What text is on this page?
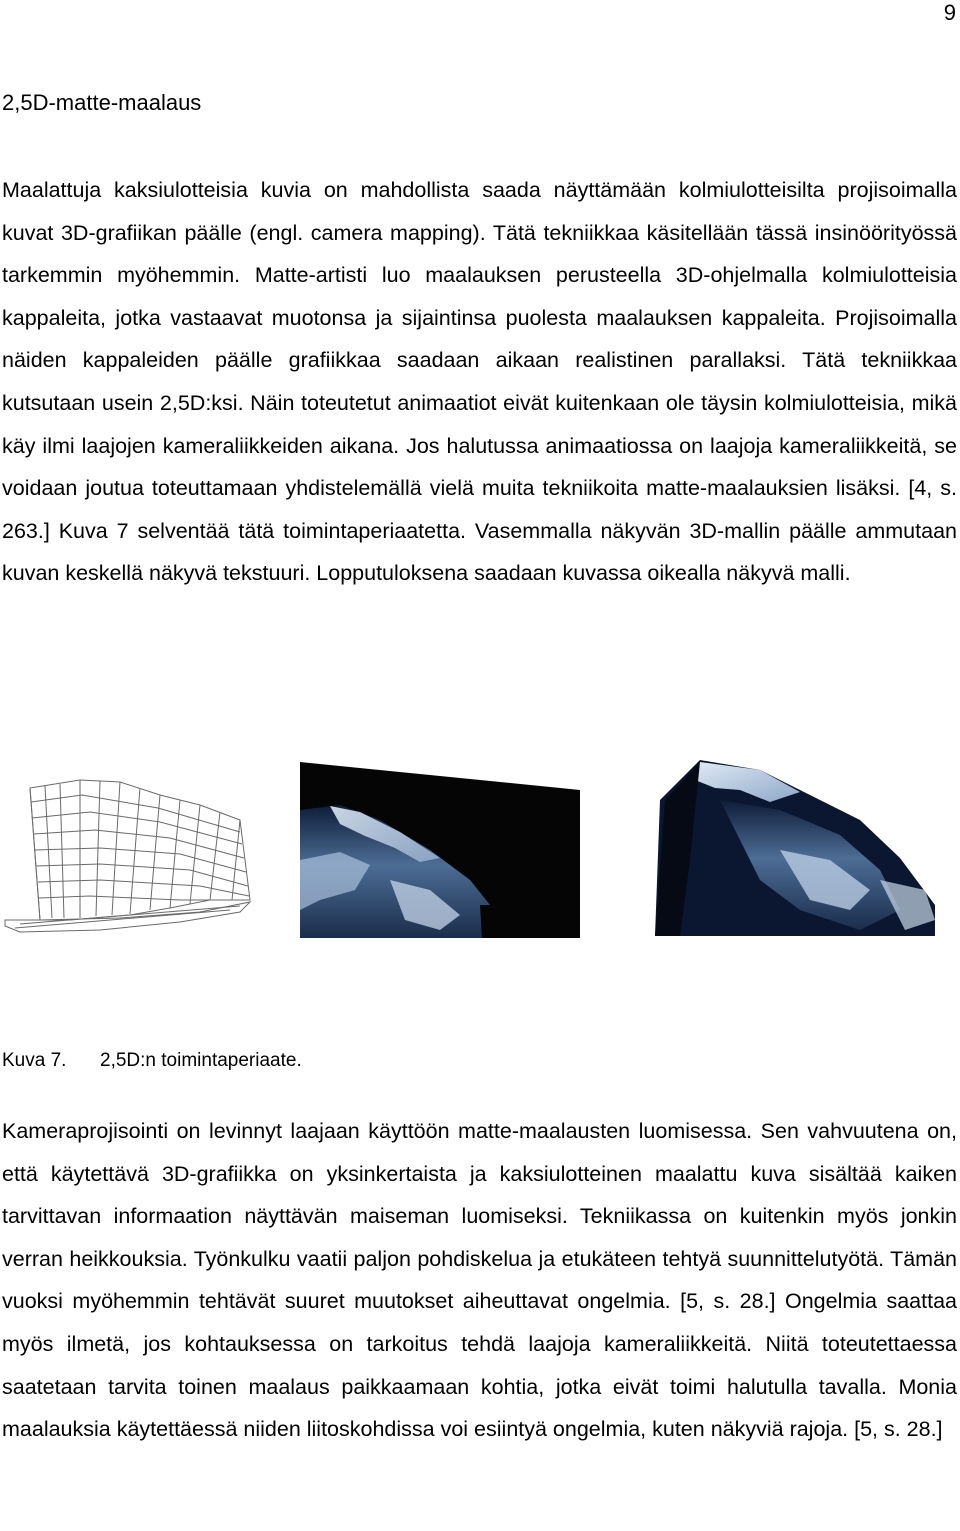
9
2,5D-matte-maalaus

Maalattuja kaksiulotteisia kuvia on mahdollista saada näyttämään kolmiulotteisilta projisoimalla kuvat 3D-grafiikan päälle (engl. camera mapping). Tätä tekniikkaa käsitellään tässä insinöörityössä tarkemmin myöhemmin. Matte-artisti luo maalauksen perusteella 3D-ohjelmalla kolmiulotteisia kappaleita, jotka vastaavat muotonsa ja sijaintinsa puolesta maalauksen kappaleita. Projisoimalla näiden kappaleiden päälle grafiikkaa saadaan aikaan realistinen parallaksi. Tätä tekniikkaa kutsutaan usein 2,5D:ksi. Näin toteutetut animaatiot eivät kuitenkaan ole täysin kolmiulotteisia, mikä käy ilmi laajojen kameraliikkeiden aikana. Jos halutussa animaatiossa on laajoja kameraliikkeitä, se voidaan joutua toteuttamaan yhdistelemällä vielä muita tekniikoita matte-maalauksien lisäksi. [4, s. 263.] Kuva 7 selventää tätä toimintaperiaatetta. Vasemmalla näkyvän 3D-mallin päälle ammutaan kuvan keskellä näkyvä tekstuuri. Lopputuloksena saadaan kuvassa oikealla näkyvä malli.

Kuva 7. 2,5D:n toimintaperiaate.

Kameraprojisointi on levinnyt laajaan käyttöön matte-maalausten luomisessa. Sen vahvuutena on, että käytettävä 3D-grafiikka on yksinkertaista ja kaksiulotteinen maalattu kuva sisältää kaiken tarvittavan informaation näyttävän maiseman luomiseksi. Tekniikassa on kuitenkin myös jonkin verran heikkouksia. Työnkulku vaatii paljon pohdiskelua ja etukäteen tehtyä suunnittelutyötä. Tämän vuoksi myöhemmin tehtävät suuret muutokset aiheuttavat ongelmia. [5, s. 28.] Ongelmia saattaa myös ilmetä, jos kohtauksessa on tarkoitus tehdä laajoja kameraliikkeitä. Niitä toteutettaessa saatetaan tarvita toinen maalaus paikkaamaan kohtia, jotka eivät toimi halutulla tavalla. Monia maalauksia käytettäessä niiden liitoskohdissa voi esiintyä ongelmia, kuten näkyviä rajoja. [5, s. 28.]
